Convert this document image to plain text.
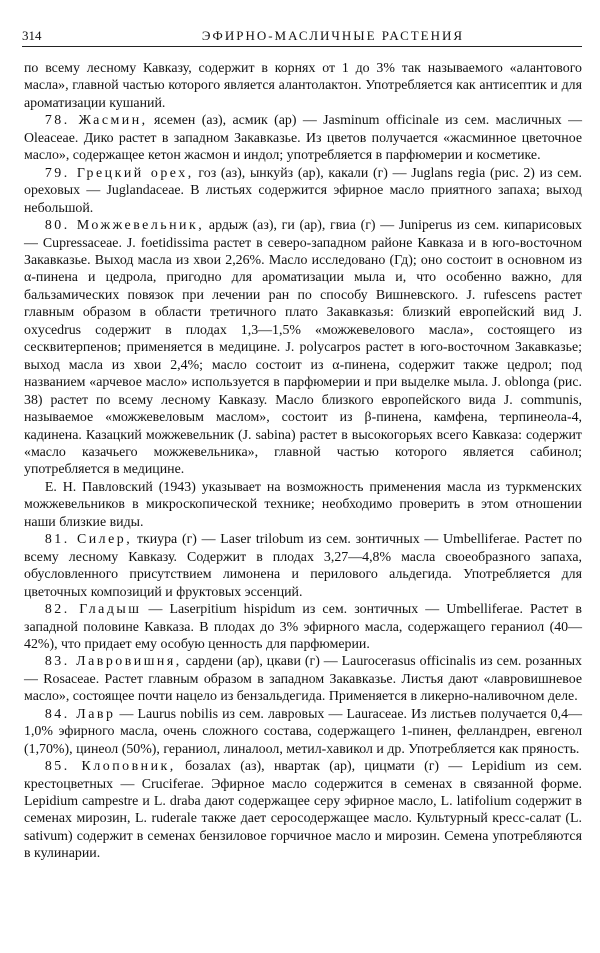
314	ЭФИРНО-МАСЛИЧНЫЕ РАСТЕНИЯ

по всему лесному Кавказу, содержит в корнях от 1 до 3% так называемого «алантового масла», главной частью которого является алантолактон. Употребляется как антисептик и для ароматизации кушаний.

78. Жасмин, ясемен (аз), асмик (ар) — Jasminum officinale из сем. масличных — Oleaceae. Дико растет в западном Закавказье. Из цветов получается «жасминное цветочное масло», содержащее кетон жасмон и индол; употребляется в парфюмерии и косметике.

79. Грецкий орех, гоз (аз), ынкуйз (ар), какали (г) — Juglans regia (рис. 2) из сем. ореховых — Juglandaceae. В листьях содержится эфирное масло приятного запаха; выход небольшой.

80. Можжевельник, ардыж (аз), ги (ар), гвиа (г) — Juniperus из сем. кипарисовых — Cupressaceae. J. foetidissima растет в северо-западном районе Кавказа и в юго-восточном Закавказье. Выход масла из хвои 2,26%. Масло исследовано (Гд); оно состоит в основном из α-пинена и цедрола, пригодно для ароматизации мыла и, что особенно важно, для бальзамических повязок при лечении ран по способу Вишневского. J. rufescens растет главным образом в области третичного плато Закавказья: близкий европейский вид J. oxycedrus содержит в плодах 1,3—1,5% «можжевелового масла», состоящего из сесквитерпенов; применяется в медицине. J. polycarpos растет в юго-восточном Закавказье; выход масла из хвои 2,4%; масло состоит из α-пинена, содержит также цедрол; под названием «арчевое масло» используется в парфюмерии и при выделке мыла. J. oblonga (рис. 38) растет по всему лесному Кавказу. Масло близкого европейского вида J. communis, называемое «можжевеловым маслом», состоит из β-пинена, камфена, терпинеола-4, кадинена. Казацкий можжевельник (J. sabina) растет в высокогорьях всего Кавказа: содержит «масло казачьего можжевельника», главной частью которого является сабинол; употребляется в медицине.

Е. Н. Павловский (1943) указывает на возможность применения масла из туркменских можжевельников в микроскопической технике; необходимо проверить в этом отношении наши близкие виды.

81. Силер, ткиура (г) — Laser trilobum из сем. зонтичных — Umbelliferae. Растет по всему лесному Кавказу. Содержит в плодах 3,27—4,8% масла своеобразного запаха, обусловленного присутствием лимонена и перилового альдегида. Употребляется для цветочных композиций и фруктовых эссенций.

82. Гладыш — Laserpitium hispidum из сем. зонтичных — Umbelliferae. Растет в западной половине Кавказа. В плодах до 3% эфирного масла, содержащего гераниол (40—42%), что придает ему особую ценность для парфюмерии.

83. Лавровишня, сардени (ар), цкави (г) — Laurocerasus officinalis из сем. розанных — Rosaceae. Растет главным образом в западном Закавказье. Листья дают «лавровишневое масло», состоящее почти нацело из бензальдегида. Применяется в ликерно-наливочном деле.

84. Лавр — Laurus nobilis из сем. лавровых — Lauraceae. Из листьев получается 0,4—1,0% эфирного масла, очень сложного состава, содержащего 1-пинен, фелландрен, евгенол (1,70%), цинеол (50%), гераниол, линалоол, метил-хавикол и др. Употребляется как пряность.

85. Клоповник, бозалах (аз), нвартак (ар), цицмати (г) — Lepidium из сем. крестоцветных — Cruciferae. Эфирное масло содержится в семенах в связанной форме. Lepidium campestre и L. draba дают содержащее серу эфирное масло, L. latifolium содержит в семенах мирозин, L. ruderale также дает серосодержащее масло. Культурный кресс-салат (L. sativum) содержит в семенах бензиловое горчичное масло и мирозин. Семена употребляются в кулинарии.
